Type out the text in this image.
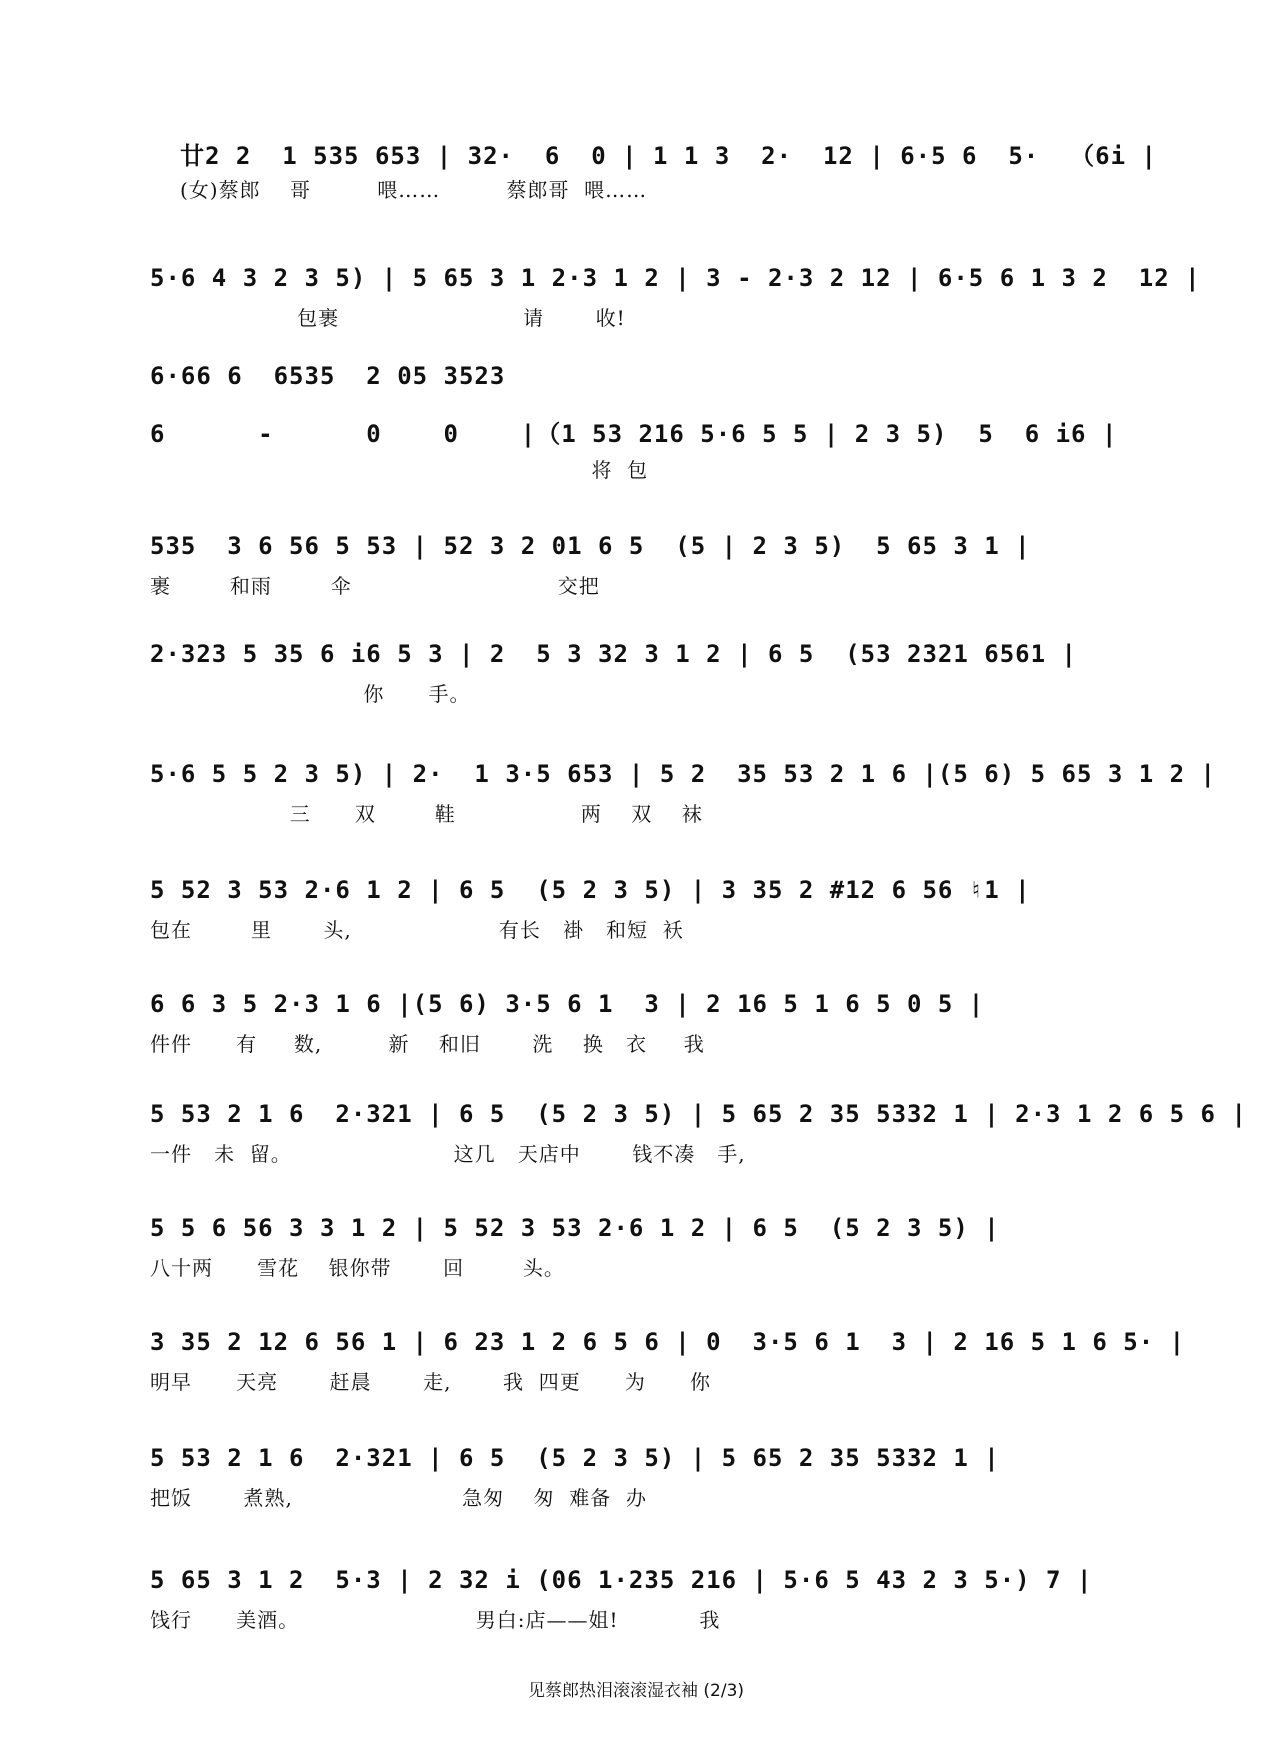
廿2 2  1 535 653 | 32·  6  0 | 1 1 3  2·  12 | 6·5 6  5·  （6i |
(女)蔡郎    哥         喂……         蔡郎哥  喂……
5·6 4 3 2 3 5) | 5 65 3 1 2·3 1 2 | 3 - 2·3 2 12 | 6·5 6 1 3 2  12 |
包裹                         请       收!
6·66 6  6535  2 05 3523
6      -      0    0    |（1 53 216 5·6 5 5 | 2 3 5)  5  6 i6 |
将  包
535  3 6 56 5 53 | 52 3 2 01 6 5  (5 | 2 3 5)  5 65 3 1 |
裹        和雨        伞                            交把
2·323 5 35 6 i6 5 3 | 2  5 3 32 3 1 2 | 6 5  (53 2321 6561 |
你      手。
5·6 5 5 2 3 5) | 2·  1 3·5 653 | 5 2  35 53 2 1 6 |(5 6) 5 65 3 1 2 |
三      双        鞋                 两    双    袜
5 52 3 53 2·6 1 2 | 6 5  (5 2 3 5) | 3 35 2 #12 6 56 ♮1 |
包在        里       头,                    有长   褂   和短  袄
6 6 3 5 2·3 1 6 |(5 6) 3·5 6 1  3 | 2 16 5 1 6 5 0 5 |
件件      有     数,         新    和旧       洗    换   衣     我
5 53 2 1 6  2·321 | 6 5  (5 2 3 5) | 5 65 2 35 5332 1 | 2·3 1 2 6 5 6 |
一件   未  留。                      这几   天店中       钱不凑   手,
5 5 6 56 3 3 1 2 | 5 52 3 53 2·6 1 2 | 6 5  (5 2 3 5) |
八十两      雪花    银你带       回        头。
3 35 2 12 6 56 1 | 6 23 1 2 6 5 6 | 0  3·5 6 1  3 | 2 16 5 1 6 5· |
明早      天亮       赶晨       走,       我  四更      为      你
5 53 2 1 6  2·321 | 6 5  (5 2 3 5) | 5 65 2 35 5332 1 |
把饭       煮熟,                       急匆    匆  难备  办
5 65 3 1 2  5·3 | 2 32 i (06 1·235 216 | 5·6 5 43 2 3 5·) 7 |
饯行      美酒。                        男白:店——姐!           我
见蔡郎热泪滚滚湿衣袖 (2/3)
